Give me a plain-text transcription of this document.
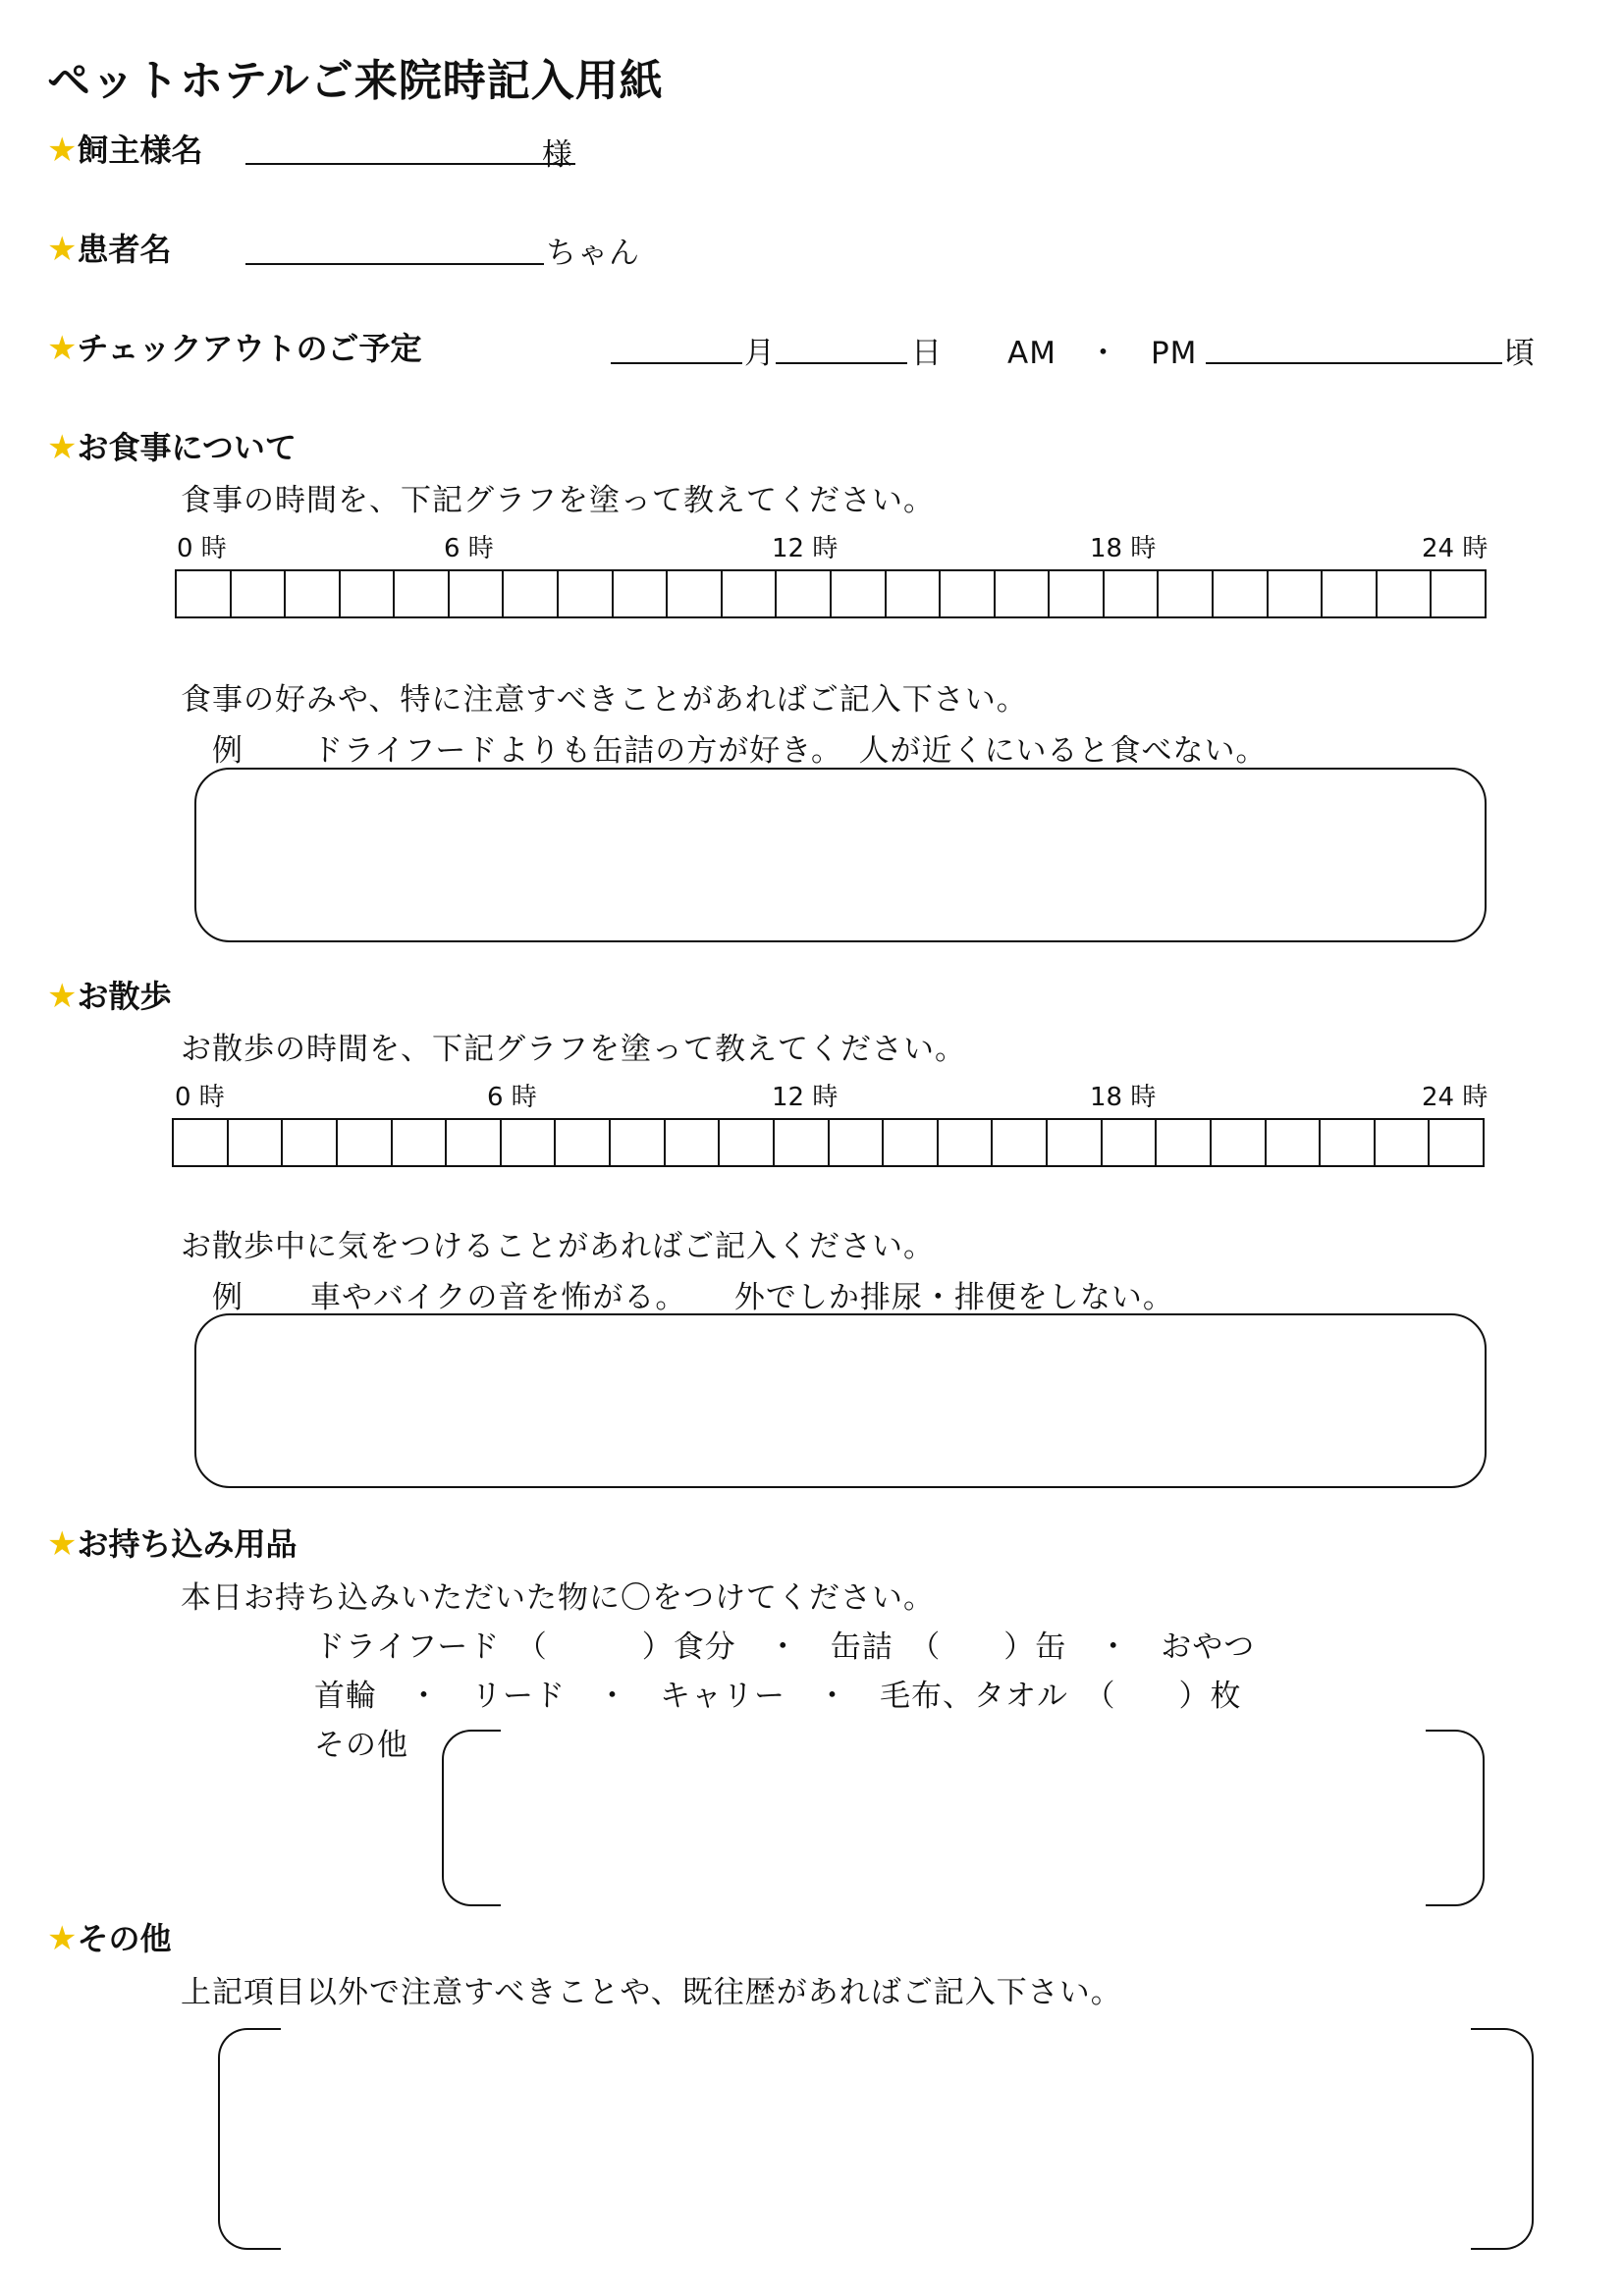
ペットホテルご来院時記入用紙
★飼主様名	様
★患者名	ちゃん
★チェックアウトのご予定	月	日 AM　・　PM	頃
★お食事について
食事の時間を、下記グラフを塗って教えてください。
0 時	6 時	12 時	18 時	24 時
食事の好みや、特に注意すべきことがあればご記入下さい。
例 ドライフードよりも缶詰の方が好き。　人が近くにいると食べない。
★お散歩
お散歩の時間を、下記グラフを塗って教えてください。
0 時	6 時	12 時	18 時	24 時
お散歩中に気をつけることがあればご記入ください。
例 車やバイクの音を怖がる。　　外でしか排尿・排便をしない。
★お持ち込み用品
本日お持ち込みいただいた物に〇をつけてください。
ドライフード　（　　　）食分　・　缶詰　（　　）缶　・　おやつ
首輪　・　リード　・　キャリー　・　毛布、タオル　（　　）枚
その他
★その他
上記項目以外で注意すべきことや、既往歴があればご記入下さい。
